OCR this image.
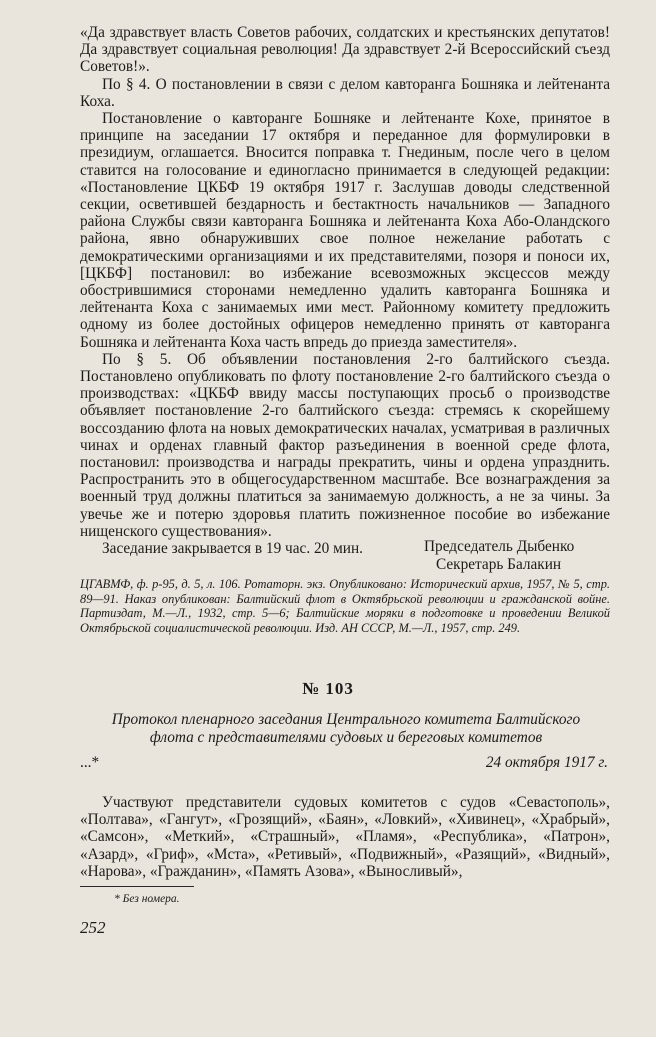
«Да здравствует власть Советов рабочих, солдатских и крестьянских депутатов! Да здравствует социальная революция! Да здравствует 2-й Всероссийский съезд Советов!».

По § 4. О постановлении в связи с делом кавторанга Бошняка и лейтенанта Коха.

Постановление о кавторанге Бошняке и лейтенанте Кохе, принятое в принципе на заседании 17 октября и переданное для формулировки в президиум, оглашается. Вносится поправка т. Гнединым, после чего в целом ставится на голосование и единогласно принимается в следующей редакции: «Постановление ЦКБФ 19 октября 1917 г. Заслушав доводы следственной секции, осветившей бездарность и бестактность начальников — Западного района Службы связи кавторанга Бошняка и лейтенанта Коха Або-Оландского района, явно обнаруживших свое полное нежелание работать с демократическими организациями и их представителями, позоря и поноси их, [ЦКБФ] постановил: во избежание всевозможных эксцессов между обострившимися сторонами немедленно удалить кавторанга Бошняка и лейтенанта Коха с занимаемых ими мест. Районному комитету предложить одному из более достойных офицеров немедленно принять от кавторанга Бошняка и лейтенанта Коха часть впредь до приезда заместителя».

По § 5. Об объявлении постановления 2-го балтийского съезда. Постановлено опубликовать по флоту постановление 2-го балтийского съезда о производствах: «ЦКБФ ввиду массы поступающих просьб о производстве объявляет постановление 2-го балтийского съезда: стремясь к скорейшему воссозданию флота на новых демократических началах, усматривая в различных чинах и орденах главный фактор разъединения в военной среде флота, постановил: производства и награды прекратить, чины и ордена упразднить. Распространить это в общегосударственном масштабе. Все вознаграждения за военный труд должны платиться за занимаемую должность, а не за чины. За увечье же и потерю здоровья платить пожизненное пособие во избежание нищенского существования».

Заседание закрывается в 19 час. 20 мин.	Председатель Дыбенко
Секретарь Балакин
ЦГАВМФ, ф. р-95, д. 5, л. 106. Ротаторн. экз. Опубликовано: Исторический архив, 1957, № 5, стр. 89—91. Наказ опубликован: Балтийский флот в Октябрьской революции и гражданской войне. Партиздат, М.—Л., 1932, стр. 5—6; Балтийские моряки в подготовке и проведении Великой Октябрьской социалистической революции. Изд. АН СССР, М.—Л., 1957, стр. 249.
№ 103
Протокол пленарного заседания Центрального комитета Балтийского флота с представителями судовых и береговых комитетов
...*	24 октября 1917 г.

Участвуют представители судовых комитетов с судов «Севастополь», «Полтава», «Гангут», «Грозящий», «Баян», «Ловкий», «Хивинец», «Храбрый», «Самсон», «Меткий», «Страшный», «Пламя», «Республика», «Патрон», «Азард», «Гриф», «Мста», «Ретивый», «Подвижный», «Разящий», «Видный», «Нарова», «Гражданин», «Память Азова», «Выносливый»,

* Без номера.
252
